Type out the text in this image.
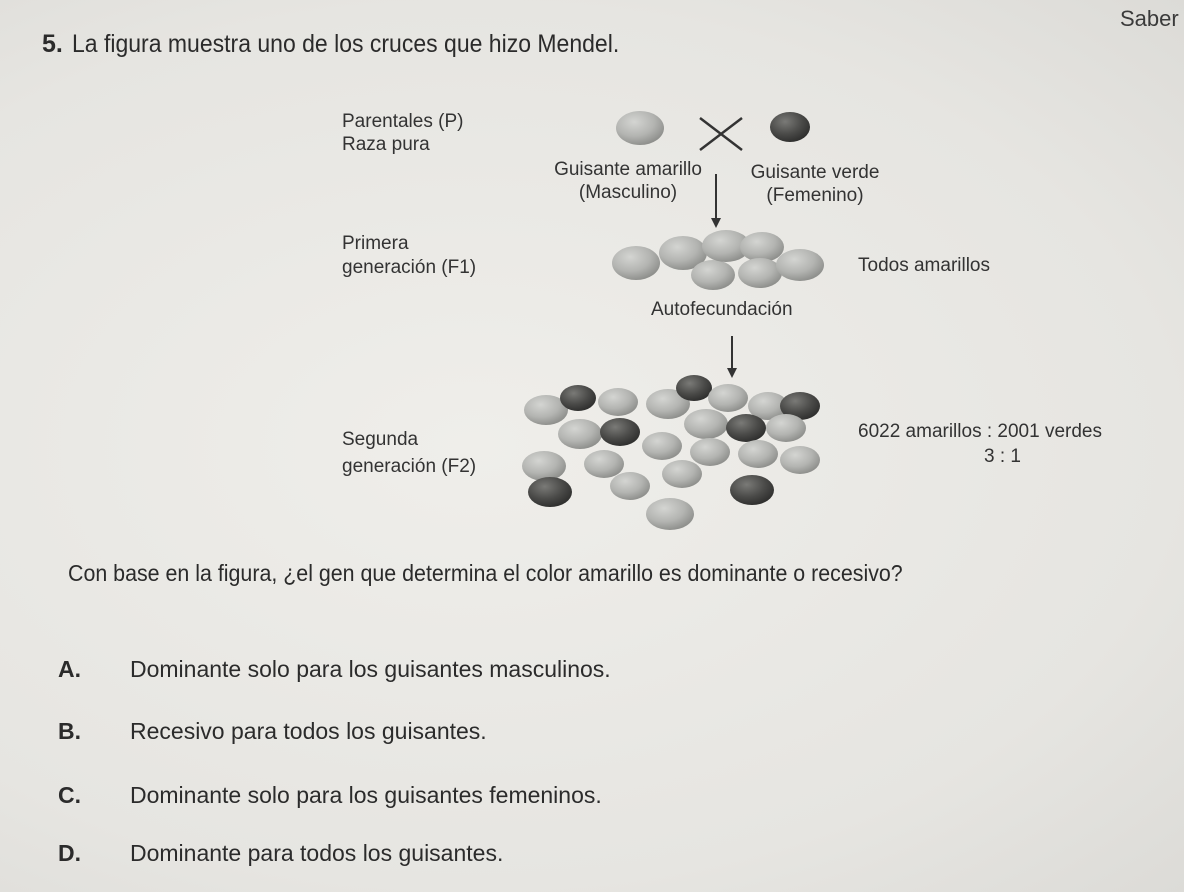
Saber
5. La figura muestra uno de los cruces que hizo Mendel.
Parentales (P)
Raza pura
Guisante amarillo
(Masculino)
Guisante verde
(Femenino)
Primera
generación (F1)	Todos amarillos
Autofecundación
Segunda
generación (F2)
6022 amarillos : 2001 verdes
3 : 1
Con base en la figura, ¿el gen que determina el color amarillo es dominante o recesivo?
A. Dominante solo para los guisantes masculinos.
B. Recesivo para todos los guisantes.
C. Dominante solo para los guisantes femeninos.
D. Dominante para todos los guisantes.
